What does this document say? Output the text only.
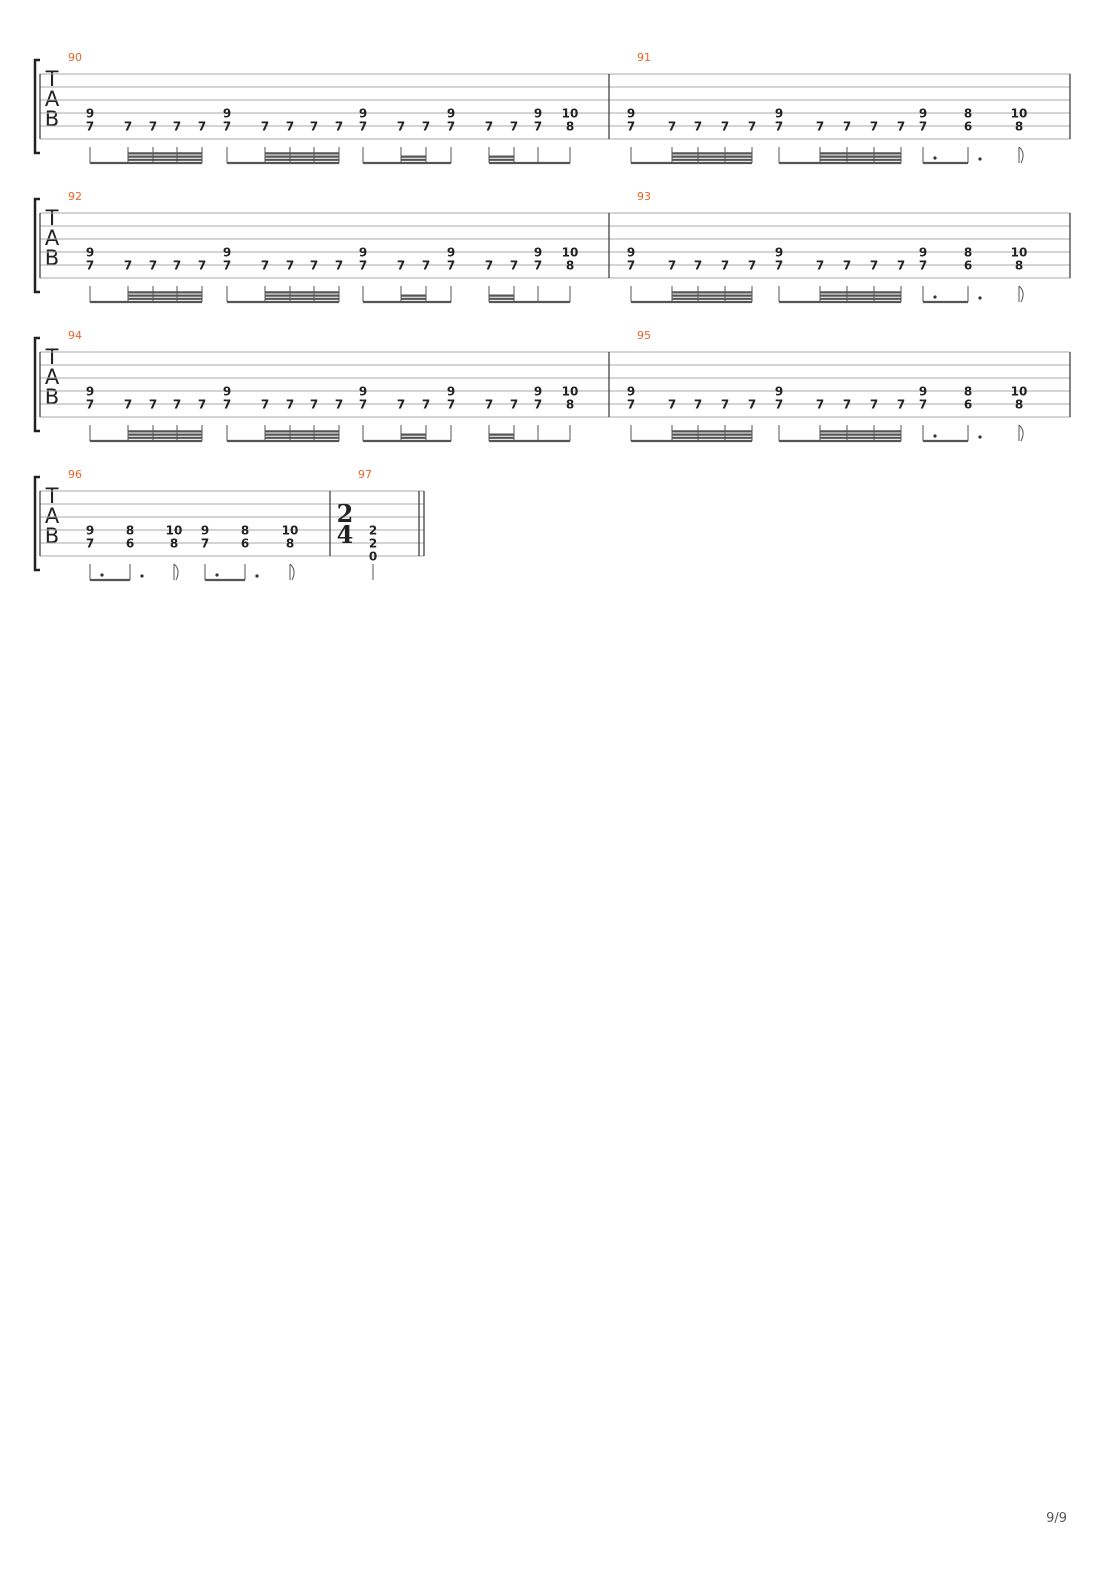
T
A
B
90
9
7 7 7 7 7
9
7 7 7 7 7
9
7 7 7
9
7 7 7
9
7
10
8
91
9
7	7 7 7 7
9
7	7 7 7 7
9
7
8
6
10
8
T
A
B
92
9
7 7 7 7 7
9
7 7 7 7 7
9
7 7 7
9
7 7 7
9
7
10
8
93
9
7	7 7 7 7
9
7	7 7 7 7
9
7
8
6
10
8
T
A
B
94
9
7 7 7 7 7
9
7 7 7 7 7
9
7 7 7
9
7 7 7
9
7
10
8
95
9
7	7 7 7 7
9
7	7 7 7 7
9
7
8
6
10
8
T
A
B
96
9
7
8
6
10
8
9
7
8
6
10
8
97
2
4 2
2
0
9/9
